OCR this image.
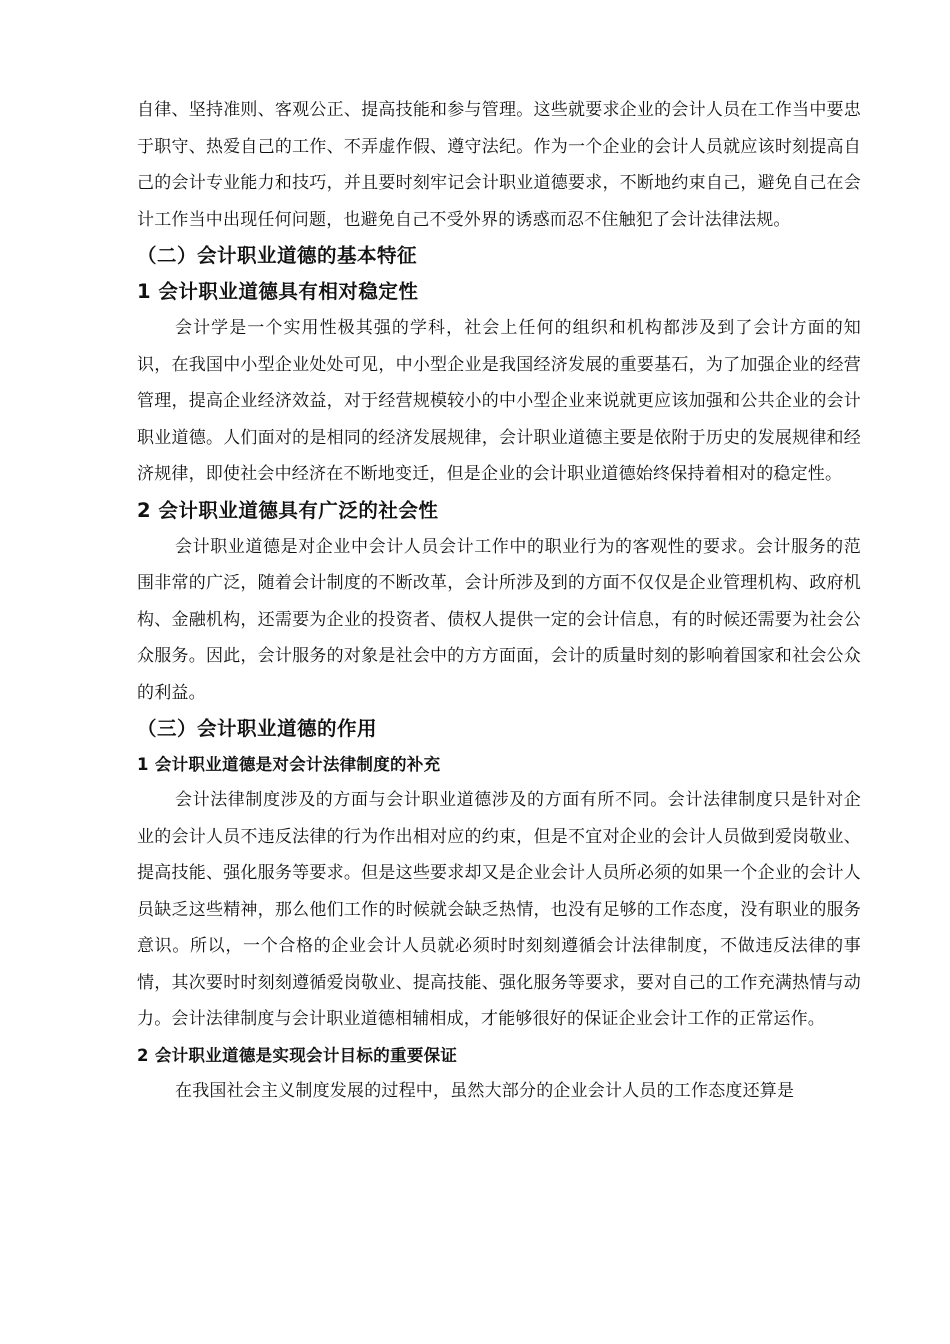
自律、坚持准则、客观公正、提高技能和参与管理。这些就要求企业的会计人员在工作当中要忠于职守、热爱自己的工作、不弄虚作假、遵守法纪。作为一个企业的会计人员就应该时刻提高自己的会计专业能力和技巧，并且要时刻牢记会计职业道德要求，不断地约束自己，避免自己在会计工作当中出现任何问题，也避免自己不受外界的诱惑而忍不住触犯了会计法律法规。

（二）会计职业道德的基本特征
1 会计职业道德具有相对稳定性

会计学是一个实用性极其强的学科，社会上任何的组织和机构都涉及到了会计方面的知识，在我国中小型企业处处可见，中小型企业是我国经济发展的重要基石，为了加强企业的经营管理，提高企业经济效益，对于经营规模较小的中小型企业来说就更应该加强和公共企业的会计职业道德。人们面对的是相同的经济发展规律，会计职业道德主要是依附于历史的发展规律和经济规律，即使社会中经济在不断地变迁，但是企业的会计职业道德始终保持着相对的稳定性。

2 会计职业道德具有广泛的社会性

会计职业道德是对企业中会计人员会计工作中的职业行为的客观性的要求。会计服务的范围非常的广泛，随着会计制度的不断改革，会计所涉及到的方面不仅仅是企业管理机构、政府机构、金融机构，还需要为企业的投资者、债权人提供一定的会计信息，有的时候还需要为社会公众服务。因此，会计服务的对象是社会中的方方面面，会计的质量时刻的影响着国家和社会公众的利益。

（三）会计职业道德的作用
1 会计职业道德是对会计法律制度的补充

会计法律制度涉及的方面与会计职业道德涉及的方面有所不同。会计法律制度只是针对企业的会计人员不违反法律的行为作出相对应的约束，但是不宜对企业的会计人员做到爱岗敬业、提高技能、强化服务等要求。但是这些要求却又是企业会计人员所必须的如果一个企业的会计人员缺乏这些精神，那么他们工作的时候就会缺乏热情，也没有足够的工作态度，没有职业的服务意识。所以，一个合格的企业会计人员就必须时时刻刻遵循会计法律制度，不做违反法律的事情，其次要时时刻刻遵循爱岗敬业、提高技能、强化服务等要求，要对自己的工作充满热情与动力。会计法律制度与会计职业道德相辅相成，才能够很好的保证企业会计工作的正常运作。

2 会计职业道德是实现会计目标的重要保证

在我国社会主义制度发展的过程中，虽然大部分的企业会计人员的工作态度还算是
